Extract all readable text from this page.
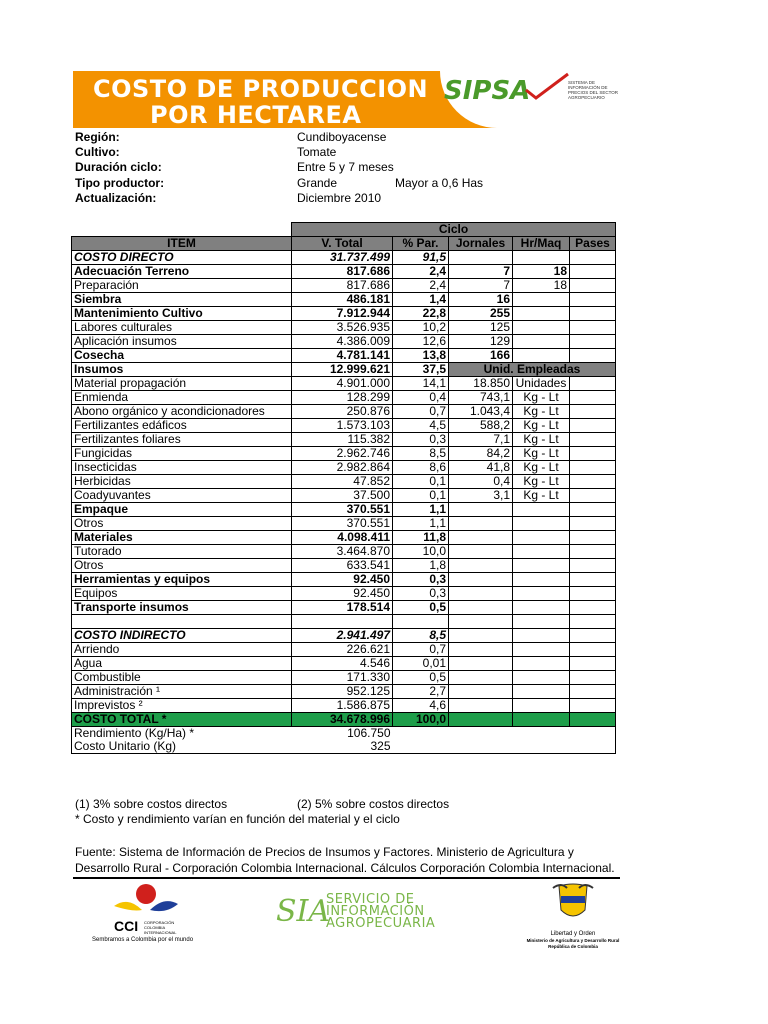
COSTO DE PRODUCCION
POR HECTAREA
SIPSA	SISTEMA DE INFORMACIÓN DE PRECIOS DEL SECTOR AGROPECUARIO
Región:	Cundiboyacense
Cultivo:	Tomate
Duración ciclo:	Entre 5 y 7 meses
Tipo productor:	Grande	Mayor a 0,6 Has
Actualización:	Diciembre 2010
	Ciclo				
ITEM	V. Total	% Par.	Jornales	Hr/Maq	Pases
COSTO DIRECTO	31.737.499	91,5			
Adecuación Terreno	817.686	2,4	7	18	
Preparación	817.686	2,4	7	18	
Siembra	486.181	1,4	16		
Mantenimiento Cultivo	7.912.944	22,8	255		
Labores culturales	3.526.935	10,2	125		
Aplicación insumos	4.386.009	12,6	129		
Cosecha	4.781.141	13,8	166		
Insumos	12.999.621	37,5	Unid. Empleadas		
Material propagación	4.901.000	14,1	18.850	Unidades	
Enmienda	128.299	0,4	743,1	Kg - Lt	
Abono orgánico y acondicionadores	250.876	0,7	1.043,4	Kg - Lt	
Fertilizantes edáficos	1.573.103	4,5	588,2	Kg - Lt	
Fertilizantes foliares	115.382	0,3	7,1	Kg - Lt	
Fungicidas	2.962.746	8,5	84,2	Kg - Lt	
Insecticidas	2.982.864	8,6	41,8	Kg - Lt	
Herbicidas	47.852	0,1	0,4	Kg - Lt	
Coadyuvantes	37.500	0,1	3,1	Kg - Lt	
Empaque	370.551	1,1			
Otros	370.551	1,1			
Materiales	4.098.411	11,8			
Tutorado	3.464.870	10,0			
Otros	633.541	1,8			
Herramientas y equipos	92.450	0,3			
Equipos	92.450	0,3			
Transporte insumos	178.514	0,5			

COSTO INDIRECTO	2.941.497	8,5			
Arriendo	226.621	0,7			
Agua	4.546	0,01			
Combustible	171.330	0,5			
Administración ¹	952.125	2,7			
Imprevistos ²	1.586.875	4,6			
COSTO TOTAL *	34.678.996	100,0			
Rendimiento (Kg/Ha) *	106.750				
Costo Unitario (Kg)	325				
(1) 3% sobre costos directos	(2) 5% sobre costos directos
* Costo y rendimiento varían en función del material y el ciclo
Fuente: Sistema de Información de Precios de Insumos y Factores. Ministerio de Agricultura y Desarrollo Rural - Corporación Colombia Internacional. Cálculos Corporación Colombia Internacional.
CCI CORPORACIÓN COLOMBIA INTERNACIONAL
Sembramos a Colombia por el mundo
SIA
SERVICIO DE
INFORMACIÓN
AGROPECUARIA
Libertad y Orden
Ministerio de Agricultura y Desarrollo Rural
República de Colombia
